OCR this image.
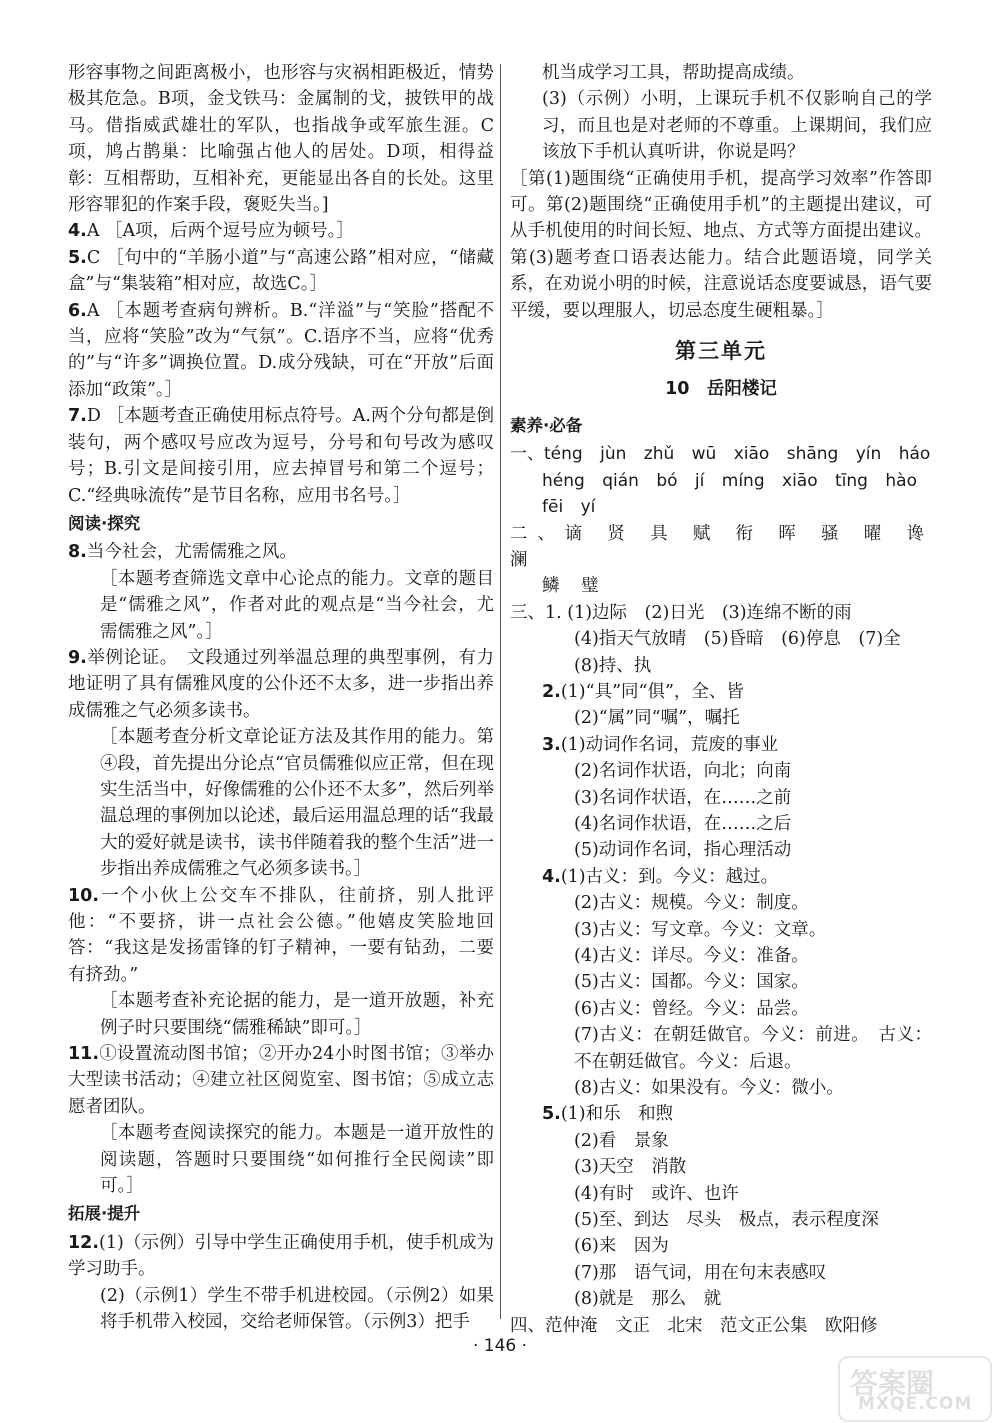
形容事物之间距离极小，也形容与灾祸相距极近，情势极其危急。B项，金戈铁马：金属制的戈，披铁甲的战马。借指威武雄壮的军队，也指战争或军旅生涯。C项，鸠占鹊巢：比喻强占他人的居处。D项，相得益彰：互相帮助，互相补充，更能显出各自的长处。这里形容罪犯的作案手段，褒贬失当。]

4.A ［A项，后两个逗号应为顿号。］

5.C ［句中的“羊肠小道”与“高速公路”相对应，“储藏盒”与“集装箱”相对应，故选C。］

6.A ［本题考查病句辨析。B.“洋溢”与“笑脸”搭配不当，应将“笑脸”改为“气氛”。C.语序不当，应将“优秀的”与“许多”调换位置。D.成分残缺，可在“开放”后面添加“政策”。］

7.D ［本题考查正确使用标点符号。A.两个分句都是倒装句，两个感叹号应改为逗号，分号和句号改为感叹号；B.引文是间接引用，应去掉冒号和第二个逗号；C.“经典咏流传”是节目名称，应用书名号。］

阅读·探究

8.当今社会，尤需儒雅之风。

［本题考查筛选文章中心论点的能力。文章的题目是“儒雅之风”，作者对此的观点是“当今社会，尤需儒雅之风”。］

9.举例论证。　文段通过列举温总理的典型事例，有力地证明了具有儒雅风度的公仆还不太多，进一步指出养成儒雅之气必须多读书。

［本题考查分析文章论证方法及其作用的能力。第④段，首先提出分论点“官员儒雅似应正常，但在现实生活当中，好像儒雅的公仆还不太多”，然后列举温总理的事例加以论述，最后运用温总理的话“我最大的爱好就是读书，读书伴随着我的整个生活”进一步指出养成儒雅之气必须多读书。］

10.一个小伙上公交车不排队，往前挤，别人批评他：“不要挤，讲一点社会公德。”他嬉皮笑脸地回答：“我这是发扬雷锋的钉子精神，一要有钻劲，二要有挤劲。”

［本题考查补充论据的能力，是一道开放题，补充例子时只要围绕“儒雅稀缺”即可。］

11.①设置流动图书馆；②开办24小时图书馆；③举办大型读书活动；④建立社区阅览室、图书馆；⑤成立志愿者团队。

［本题考查阅读探究的能力。本题是一道开放性的阅读题，答题时只要围绕“如何推行全民阅读”即可。］

拓展·提升

12.(1)（示例）引导中学生正确使用手机，使手机成为学习助手。

(2)（示例1）学生不带手机进校园。（示例2）如果将手机带入校园，交给老师保管。（示例3）把手

机当成学习工具，帮助提高成绩。

(3)（示例）小明，上课玩手机不仅影响自己的学习，而且也是对老师的不尊重。上课期间，我们应该放下手机认真听讲，你说是吗？

［第(1)题围绕“正确使用手机，提高学习效率”作答即可。第(2)题围绕“正确使用手机”的主题提出建议，可从手机使用的时间长短、地点、方式等方面提出建议。第(3)题考查口语表达能力。结合此题语境，同学关系，在劝说小明的时候，注意说话态度要诚恳，语气要平缓，要以理服人，切忌态度生硬粗暴。］

第三单元
10　岳阳楼记
素养·必备

一、téng jùn zhǔ wū xiāo shāng yín háo

héng qián bó jí míng xiāo tīng hào

fēi yí

二、谪 贤 具 赋 衔 晖 骚 曜 谗 澜

鳞 璧

三、1. (1)边际　(2)日光　(3)连绵不断的雨

(4)指天气放晴　(5)昏暗　(6)停息　(7)全

(8)持、执

2.(1)“具”同“俱”，全、皆

(2)“属”同“嘱”，嘱托

3.(1)动词作名词，荒废的事业

(2)名词作状语，向北；向南

(3)名词作状语，在……之前

(4)名词作状语，在……之后

(5)动词作名词，指心理活动

4.(1)古义：到。今义：越过。

(2)古义：规模。今义：制度。

(3)古义：写文章。今义：文章。

(4)古义：详尽。今义：准备。

(5)古义：国都。今义：国家。

(6)古义：曾经。今义：品尝。

(7)古义：在朝廷做官。今义：前进。　古义：不在朝廷做官。今义：后退。

(8)古义：如果没有。今义：微小。

5.(1)和乐　和煦

(2)看　景象

(3)天空　消散

(4)有时　或许、也许

(5)至、到达　尽头　极点，表示程度深

(6)来　因为

(7)那　语气词，用在句末表感叹

(8)就是　那么　就

四、范仲淹　文正　北宋　范文正公集　欧阳修

· 146 ·
答案圈
MXQE.COM
